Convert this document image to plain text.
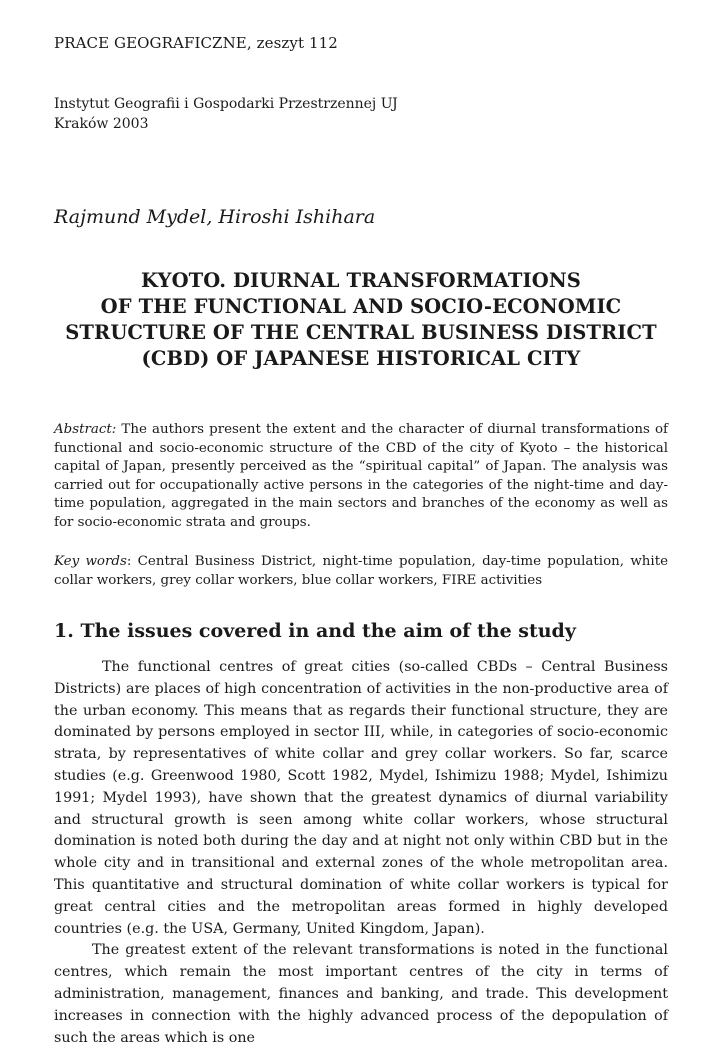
PRACE GEOGRAFICZNE, zeszyt 112
Instytut Geografii i Gospodarki Przestrzennej UJ
Kraków 2003
Rajmund Mydel, Hiroshi Ishihara
KYOTO. DIURNAL TRANSFORMATIONS
OF THE FUNCTIONAL AND SOCIO-ECONOMIC
STRUCTURE OF THE CENTRAL BUSINESS DISTRICT
(CBD) OF JAPANESE HISTORICAL CITY
Abstract: The authors present the extent and the character of diurnal transformations of functional and socio-economic structure of the CBD of the city of Kyoto – the historical capital of Japan, presently perceived as the “spiritual capital” of Japan. The analysis was carried out for occupationally active persons in the categories of the night-time and day-time population, aggregated in the main sectors and branches of the economy as well as for socio-economic strata and groups.
Key words: Central Business District, night-time population, day-time population, white collar workers, grey collar workers, blue collar workers, FIRE activities
1. The issues covered in and the aim of the study

The functional centres of great cities (so-called CBDs – Central Business Districts) are places of high concentration of activities in the non-productive area of the urban economy. This means that as regards their functional structure, they are dominated by persons employed in sector III, while, in categories of socio-economic strata, by representatives of white collar and grey collar workers. So far, scarce studies (e.g. Greenwood 1980, Scott 1982, Mydel, Ishimizu 1988; Mydel, Ishimizu 1991; Mydel 1993), have shown that the greatest dynamics of diurnal variability and structural growth is seen among white collar workers, whose structural domination is noted both during the day and at night not only within CBD but in the whole city and in transitional and external zones of the whole metropolitan area. This quantitative and structural domination of white collar workers is typical for great central cities and the metropolitan areas formed in highly developed countries (e.g. the USA, Germany, United Kingdom, Japan).

The greatest extent of the relevant transformations is noted in the functional centres, which remain the most important centres of the city in terms of administration, management, finances and banking, and trade. This development increases in connection with the highly advanced process of the depopulation of such the areas which is one
